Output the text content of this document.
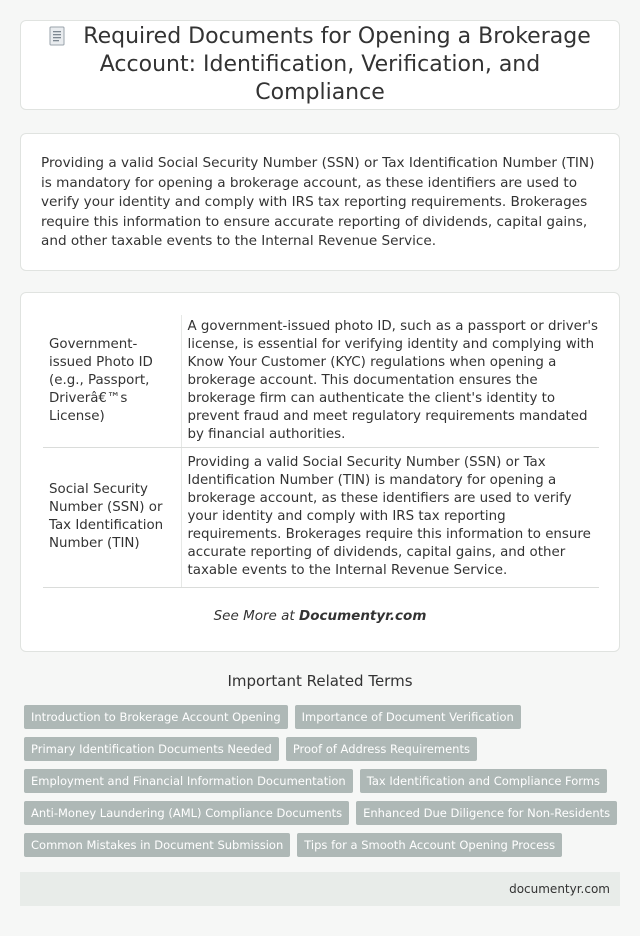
Required Documents for Opening a Brokerage Account: Identification, Verification, and Compliance

Providing a valid Social Security Number (SSN) or Tax Identification Number (TIN) is mandatory for opening a brokerage account, as these identifiers are used to verify your identity and comply with IRS tax reporting requirements. Brokerages require this information to ensure accurate reporting of dividends, capital gains, and other taxable events to the Internal Revenue Service.

Government-issued Photo ID (e.g., Passport, Driverâ€™s License)	A government-issued photo ID, such as a passport or driver's license, is essential for verifying identity and complying with Know Your Customer (KYC) regulations when opening a brokerage account. This documentation ensures the brokerage firm can authenticate the client's identity to prevent fraud and meet regulatory requirements mandated by financial authorities.
Social Security Number (SSN) or Tax Identification Number (TIN)	Providing a valid Social Security Number (SSN) or Tax Identification Number (TIN) is mandatory for opening a brokerage account, as these identifiers are used to verify your identity and comply with IRS tax reporting requirements. Brokerages require this information to ensure accurate reporting of dividends, capital gains, and other taxable events to the Internal Revenue Service.
See More at Documentyr.com
Important Related Terms
Introduction to Brokerage Account Opening	Importance of Document Verification
Primary Identification Documents Needed	Proof of Address Requirements
Employment and Financial Information Documentation	Tax Identification and Compliance Forms
Anti-Money Laundering (AML) Compliance Documents	Enhanced Due Diligence for Non-Residents
Common Mistakes in Document Submission	Tips for a Smooth Account Opening Process
documentyr.com
